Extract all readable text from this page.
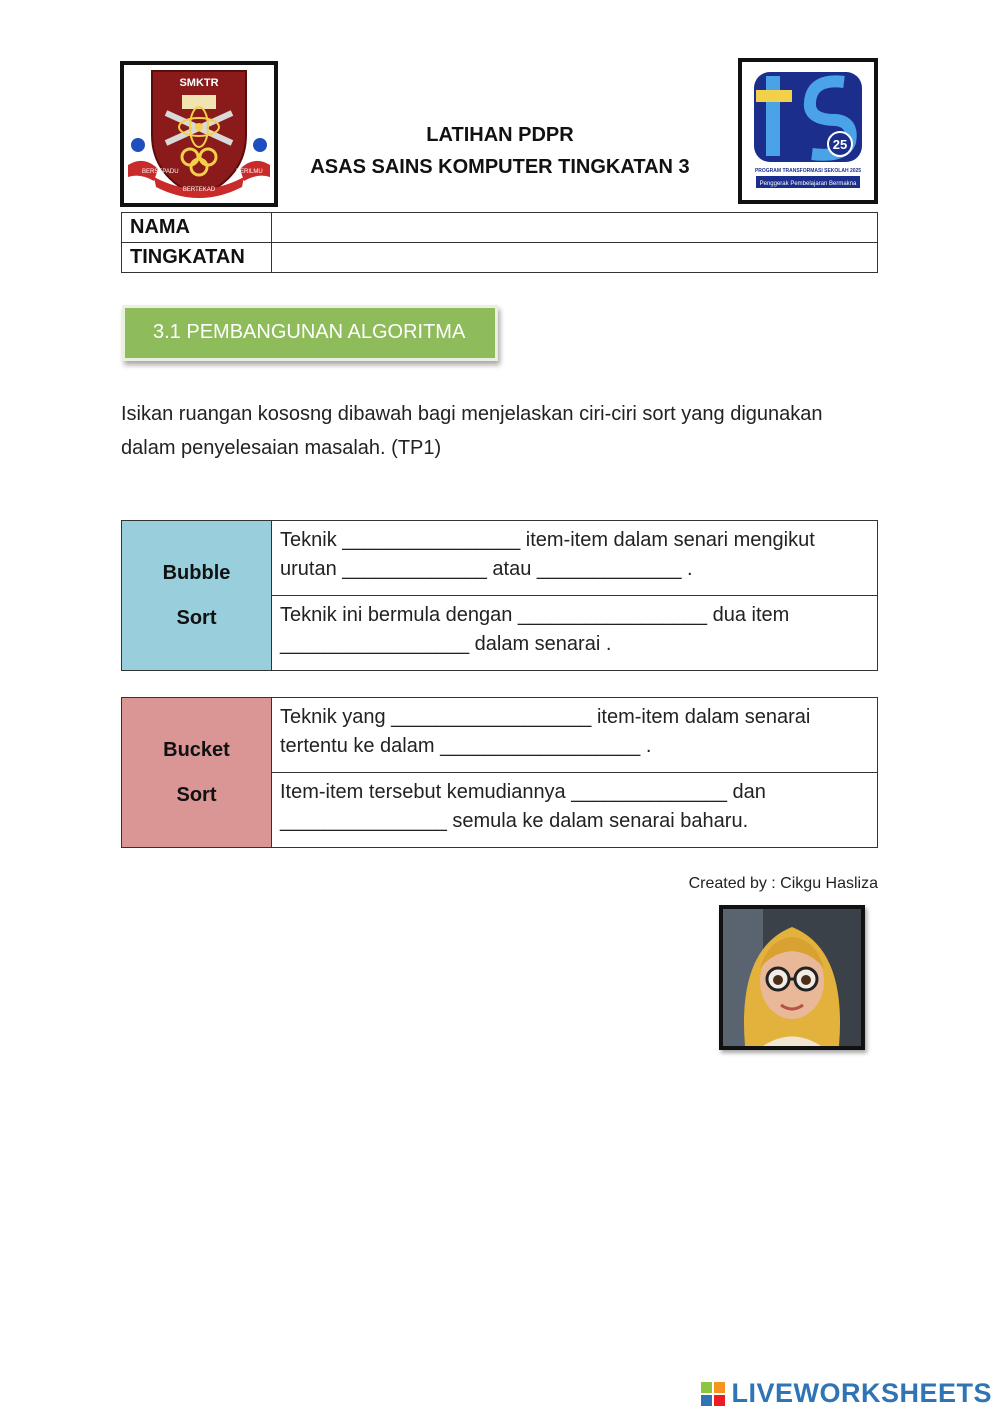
SMKTR
BERSEPADU
BERTEKAD
BERILMU
25
PROGRAM TRANSFORMASI SEKOLAH 2025
Penggerak Pembelajaran Bermakna
LATIHAN PDPR
ASAS SAINS KOMPUTER TINGKATAN 3
NAMA	
TINGKATAN	
3.1 PEMBANGUNAN ALGORITMA
Isikan ruangan kososng dibawah bagi menjelaskan ciri-ciri sort yang digunakan dalam penyelesaian masalah. (TP1)
Bubble
Sort
	Teknik ________________ item-item dalam senari mengikut urutan _____________ atau _____________ .
Teknik ini bermula dengan _________________ dua item _________________ dalam senarai .
Bucket
Sort
	Teknik yang __________________ item-item dalam senarai tertentu ke dalam __________________ .
Item-item tersebut kemudiannya ______________ dan _______________ semula ke dalam senarai baharu.
Created by : Cikgu Hasliza
LIVEWORKSHEETS
